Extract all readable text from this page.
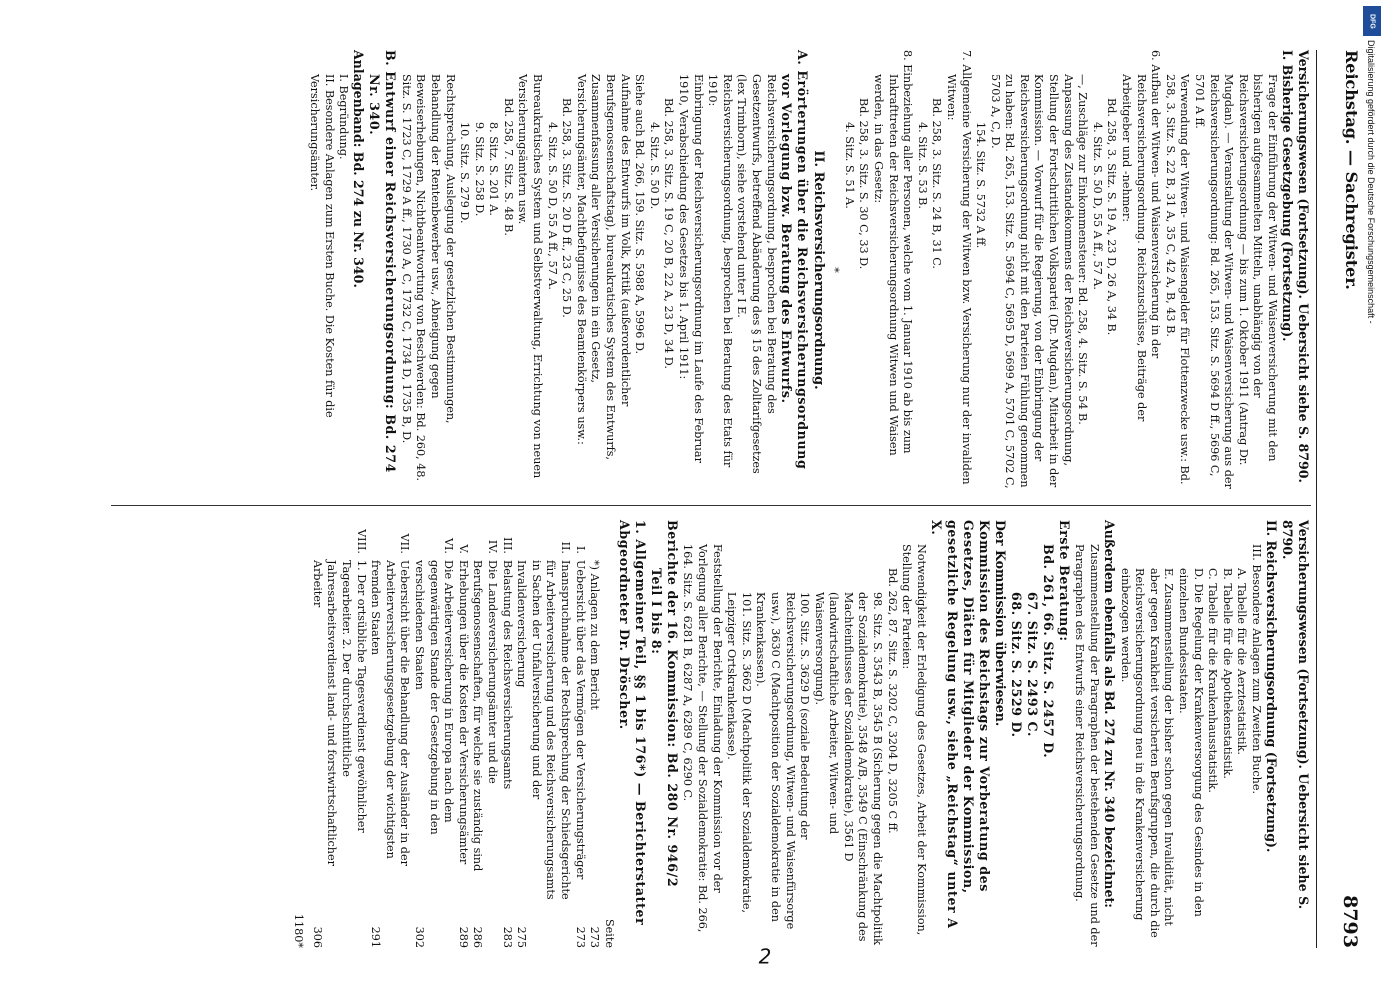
Reichstag. — Sachregister.
8793

Versicherungswesen (Fortsetzung). Uebersicht siehe S. 8790.

I. Bisherige Gesetzgebung (Fortsetzung).

Frage der Einführung der Witwen- und Waisenversicherung mit den bisherigen aufgesammelten Mitteln, unabhängig von der Reichsversicherungsordnung — bis zum 1. Oktober 1911 (Antrag Dr. Mugdan). — Veranstaltung der Witwen- und Waisenversicherung aus der Reichsversicherungsordnung: Bd. 265, 153. Sitz. S. 5694 D ff., 5696 C, 5701 A ff.

Verwendung der Witwen- und Waisengelder für Flottenzwecke usw.: Bd. 258, 3. Sitz. S. 22 B, 31 A, 35 C, 42 A, B, 43 B.

6. Aufbau der Witwen- und Waisenversicherung in der Reichsversicherungsordnung. Reichszuschüsse, Beiträge der Arbeitgeber und -nehmer:

Bd. 258, 3. Sitz. S. 19 A, 23 D, 26 A, 34 B.

4. Sitz. S. 50 D, 55 A ff., 57 A.

—, Zuschläge zur Einkommensteuer: Bd. 258, 4. Sitz. S. 54 B.

Anpassung des Zustandekommens der Reichsversicherungsordnung, Stellung der Fortschrittlichen Volkspartei (Dr. Mugdan), Mitarbeit in der Kommission. — Vorwurf für die Regierung, von der Einbringung der Reichsversicherungsordnung nicht mit den Parteien Fühlung genommen zu haben: Bd. 265, 153. Sitz. S. 5694 C, 5695 D, 5699 A, 5701 C, 5702 C, 5703 A, C, D.

154. Sitz. S. 5732 A ff.

7. Allgemeine Versicherung der Witwen bzw. Versicherung nur der invaliden Witwen:

Bd. 258, 3. Sitz. S. 24 B, 31 C.

4. Sitz. S. 53 B.

8. Einbeziehung aller Personen, welche vom 1. Januar 1910 ab bis zum Inkrafttreten der Reichsversicherungsordnung Witwen und Waisen werden, in das Gesetz:

Bd. 258, 3. Sitz. S. 30 C, 33 D.

4. Sitz. S. 51 A.

*

II. Reichsversicherungsordnung.

A. Erörterungen über die Reichsversicherungsordnung vor Vorlegung bzw. Beratung des Entwurfs.

Reichsversicherungsordnung, besprochen bei Beratung des Gesetzentwurfs, betreffend Abänderung des § 15 des Zolltarifgesetzes (lex Trimborn), siehe vorstehend unter I E.

Reichsversicherungsordnung, besprochen bei Beratung des Etats für 1910:

Einbringung der Reichsversicherungsordnung im Laufe des Februar 1910, Verabschiedung des Gesetzes bis 1. April 1911:

Bd. 258, 3. Sitz. S. 19 C, 20 B, 22 A, 23 D, 34 D.

4. Sitz. S. 50 D.

Siehe auch Bd. 266, 159. Sitz. S. 5988 A, 5996 D.

Aufnahme des Entwurfs im Volk, Kritik (außerordentlicher Berufsgenossenschaftstag), bureaukratisches System des Entwurfs, Zusammenfassung aller Versicherungen in ein Gesetz, Versicherungsämter, Machtbefugnisse des Beamtenkörpers usw.:

Bd. 258, 3. Sitz. S. 20 D ff., 23 C, 25 D.

4. Sitz. S. 50 D, 55 A ff., 57 A.

Bureaukratisches System und Selbstverwaltung, Errichtung von neuen Versicherungsämtern usw.

Bd. 258, 7. Sitz. S. 48 B.

8. Sitz. S. 201 A.

9. Sitz. S. 258 D.

10. Sitz. S. 279 D.

Rechtsprechung, Auslegung der gesetzlichen Bestimmungen, Behandlung der Rentenbewerber usw., Abneigung gegen Beweiserhebungen, Nichtbeantwortung von Beschwerden: Bd. 260, 48. Sitz. S. 1723 C, 1729 A ff., 1730 A, C, 1732 C, 1734 D, 1735 B, D.

B. Entwurf einer Reichsversicherungsordnung: Bd. 274 Nr. 340.

Anlagenband: Bd. 274 zu Nr. 340.

I. Begründung.

II. Besondere Anlagen zum Ersten Buche. Die Kosten für die Versicherungsämter.

Versicherungswesen (Fortsetzung). Uebersicht siehe S. 8790.

II. Reichsversicherungsordnung (Fortsetzung).

III. Besondere Anlagen zum Zweiten Buche.

A. Tabelle für die Aerztestatistik.

B. Tabelle für die Apothekenstatistik.

C. Tabelle für die Krankenhausstatistik.

D. Die Regelung der Krankenversorgung des Gesindes in den einzelnen Bundesstaaten.

E. Zusammenstellung der bisher schon gegen Invalidität, nicht aber gegen Krankheit versicherten Berufsgruppen, die durch die Reichsversicherungsordnung neu in die Krankenversicherung einbezogen werden.

Außerdem ebenfalls als Bd. 274 zu Nr. 340 bezeichnet:

Zusammenstellung der Paragraphen der bestehenden Gesetze und der Paragraphen des Entwurfs einer Reichsversicherungsordnung.

Erste Beratung:

Bd. 261, 66. Sitz. S. 2457 D.

67. Sitz. S. 2493 C.

68. Sitz. S. 2529 D.

Der Kommission überwiesen.

Kommission des Reichstags zur Vorberatung des Gesetzes, Diäten für Mitglieder der Kommission, gesetzliche Regelung usw., siehe „Reichstag“ unter A X.

Notwendigkeit der Erledigung des Gesetzes, Arbeit der Kommission, Stellung der Parteien:

Bd. 262, 87. Sitz. S. 3202 C, 3204 D, 3205 C ff.

98. Sitz. S. 3543 B, 3545 B (Sicherung gegen die Machtpolitik der Sozialdemokratie), 3548 A/B, 3549 C (Einschränkung des Machteinflusses der Sozialdemokratie), 3561 D (landwirtschaftliche Arbeiter, Witwen- und Waisenversorgung).

100. Sitz. S. 3629 D (soziale Bedeutung der Reichsversicherungsordnung, Witwen- und Waisenfürsorge usw.), 3630 C (Machtposition der Sozialdemokratie in den Krankenkassen).

101. Sitz. S. 3662 D (Machtpolitik der Sozialdemokratie, Leipziger Ortskrankenkasse).

Feststellung der Berichte, Einladung der Kommission vor der Vorlegung aller Berichte, — Stellung der Sozialdemokratie: Bd. 266, 164. Sitz. S. 6281 B, 6287 A, 6289 C, 6290 C.

Berichte der 16. Kommission: Bd. 280 Nr. 946/2

Teil I bis 8:

1. Allgemeiner Teil, §§ 1 bis 176*) — Berichterstatter Abgeordneter Dr. Dröscher.

Seite

*) Anlagen zu dem Bericht
273

I.
Uebersicht über das Vermögen der Versicherungsträger
273

II.
Inanspruchnahme der Rechtsprechung der Schiedsgerichte für Arbeiterversicherung und des Reichsversicherungsamts in Sachen der Unfallversicherung und der Invalidenversicherung
275

III.
Belastung des Reichsversicherungsamts
283

IV.
Die Landesversicherungsämter und die Berufsgenossenschaften, für welche sie zuständig sind
286

V.
Erhebungen über die Kosten der Versicherungsämter
289

VI.
Die Arbeiterversicherung in Europa nach dem gegenwärtigen Stande der Gesetzgebung in den verschiedenen Staaten
302

VII.
Uebersicht über die Behandlung der Ausländer in der Arbeiterversicherungsgesetzgebung der wichtigsten fremden Staaten
291

VIII.
1. Der ortsübliche Tagesverdienst gewöhnlicher Tagearbeiter. 2. Der durchschnittliche Jahresarbeitsverdienst land- und forstwirtschaftlicher Arbeiter
306

1180*

2
Digitalisierung gefördert durch die Deutsche Forschungsgemeinschaft -
DFG
